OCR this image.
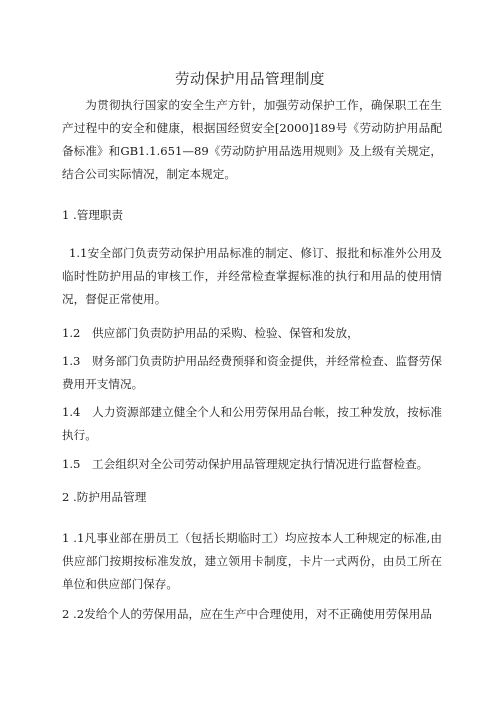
劳动保护用品管理制度
为贯彻执行国家的安全生产方针，加强劳动保护工作，确保职工在生产过程中的安全和健康，根据国经贸安全[2000]189号《劳动防护用品配备标准》和GB1.1.651—89《劳动防护用品选用规则》及上级有关规定，结合公司实际情况，制定本规定。
1 .管理职责
1.1安全部门负责劳动保护用品标准的制定、修订、报批和标准外公用及临时性防护用品的审核工作，并经常检查掌握标准的执行和用品的使用情况，督促正常使用。
1.2　供应部门负责防护用品的采购、检验、保管和发放，
1.3　财务部门负责防护用品经费预驿和资金提供，并经常检查、监督劳保费用开支情况。
1.4　人力资源部建立健全个人和公用劳保用品台帐，按工种发放，按标准执行。
1.5　工会组织对全公司劳动保护用品管理规定执行情况进行监督检查。
2 .防护用品管理
1 .1凡事业部在册员工（包括长期临时工）均应按本人工种规定的标准,由供应部门按期按标准发放，建立领用卡制度，卡片一式两份，由员工所在单位和供应部门保存。
2 .2发给个人的劳保用品，应在生产中合理使用，对不正确使用劳保用品
